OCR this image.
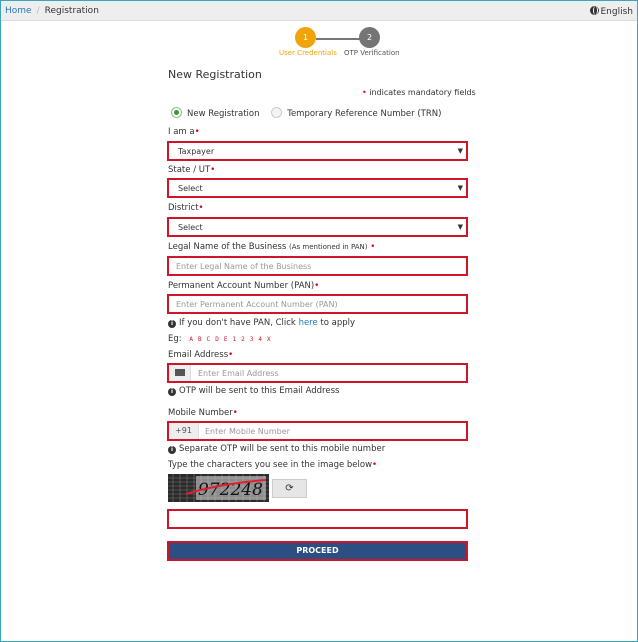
Home / Registration	English
1	2
User Credentials OTP Verification
New Registration
• indicates mandatory fields
New Registration	Temporary Reference Number (TRN)
I am a•
Taxpayer	▼
State / UT•
Select	▼
District•
Select	▼
Legal Name of the Business (As mentioned in PAN) •
Enter Legal Name of the Business
Permanent Account Number (PAN)•
Enter Permanent Account Number (PAN)
i If you don't have PAN, Click here to apply
Eg: A B C D E 1 2 3 4 X
Email Address•
Enter Email Address
i OTP will be sent to this Email Address
Mobile Number•
+91	Enter Mobile Number
i Separate OTP will be sent to this mobile number
Type the characters you see in the image below•
972248	⟳
PROCEED
